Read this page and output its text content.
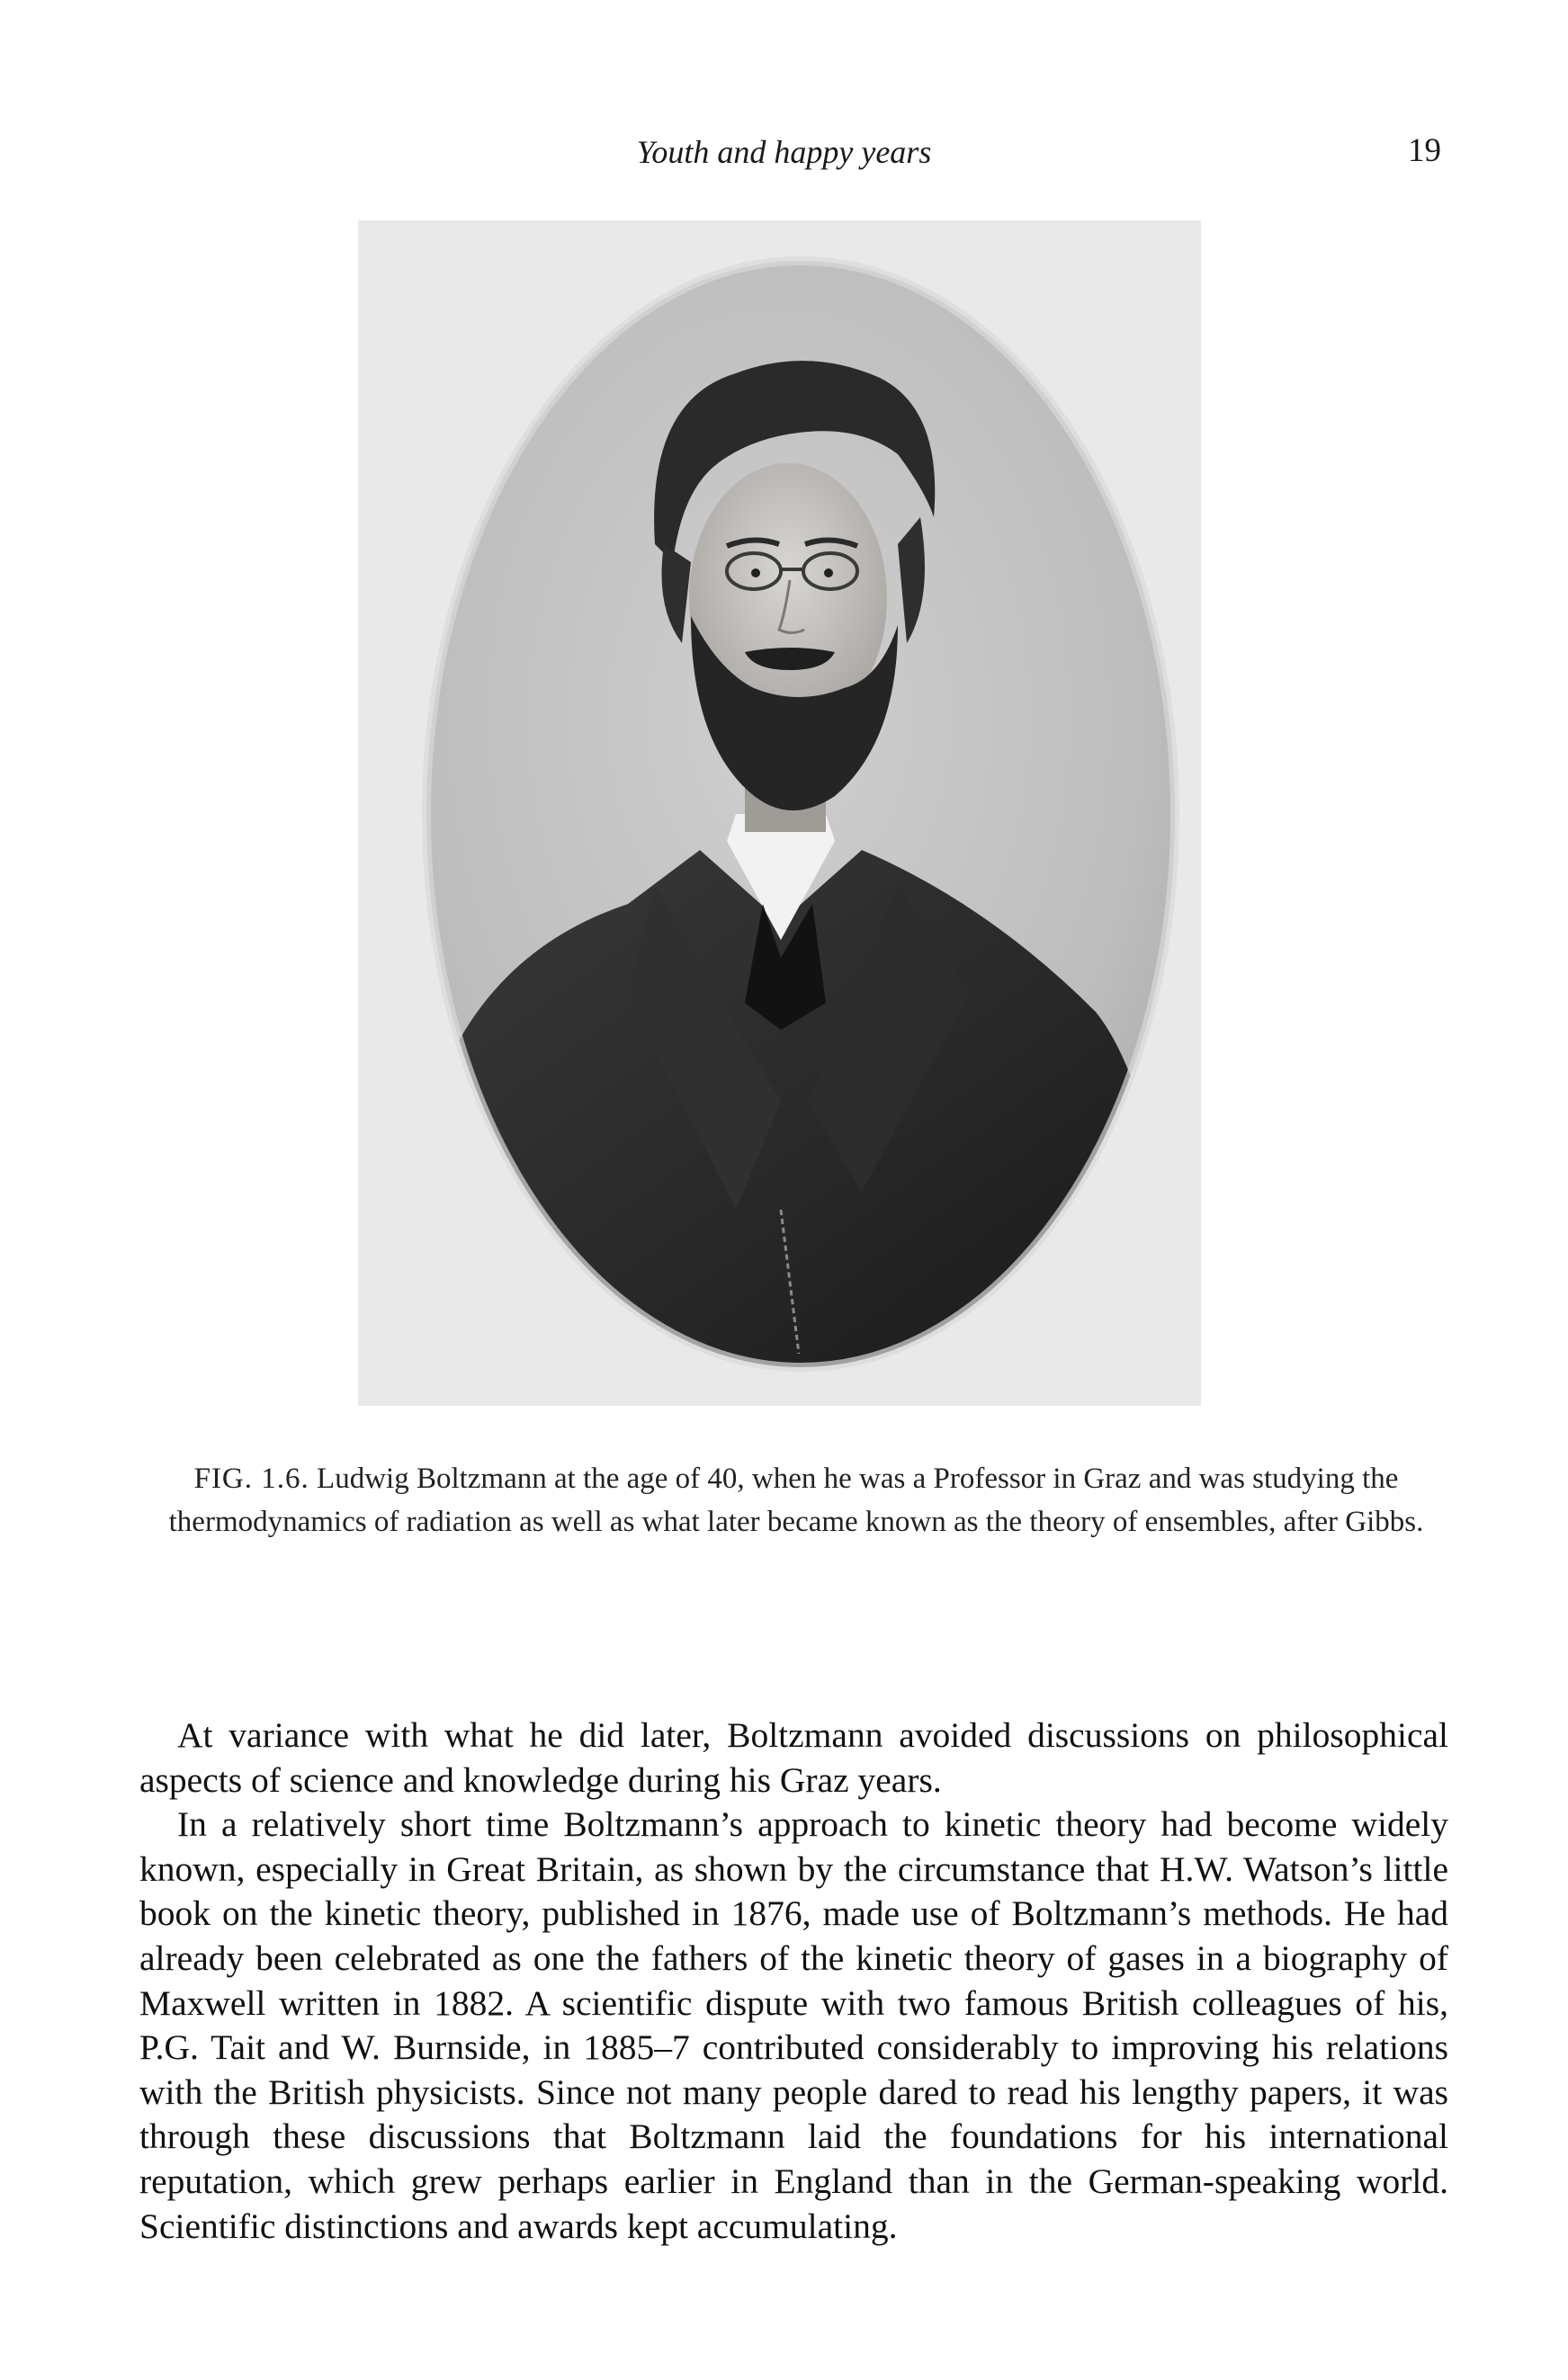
Youth and happy years	19
FIG. 1.6. Ludwig Boltzmann at the age of 40, when he was a Professor in Graz and was studying the thermodynamics of radiation as well as what later became known as the theory of ensembles, after Gibbs.

At variance with what he did later, Boltzmann avoided discussions on philosophical aspects of science and knowledge during his Graz years.

In a relatively short time Boltzmann’s approach to kinetic theory had become widely known, especially in Great Britain, as shown by the circumstance that H.W. Watson’s little book on the kinetic theory, published in 1876, made use of Boltzmann’s methods. He had already been celebrated as one the fathers of the kinetic theory of gases in a biography of Maxwell written in 1882. A scientific dispute with two famous British colleagues of his, P.G. Tait and W. Burnside, in 1885–7 contributed considerably to improving his relations with the British physicists. Since not many people dared to read his lengthy papers, it was through these discussions that Boltzmann laid the foundations for his international reputation, which grew perhaps earlier in England than in the German-speaking world. Scientific distinctions and awards kept accumulating.
